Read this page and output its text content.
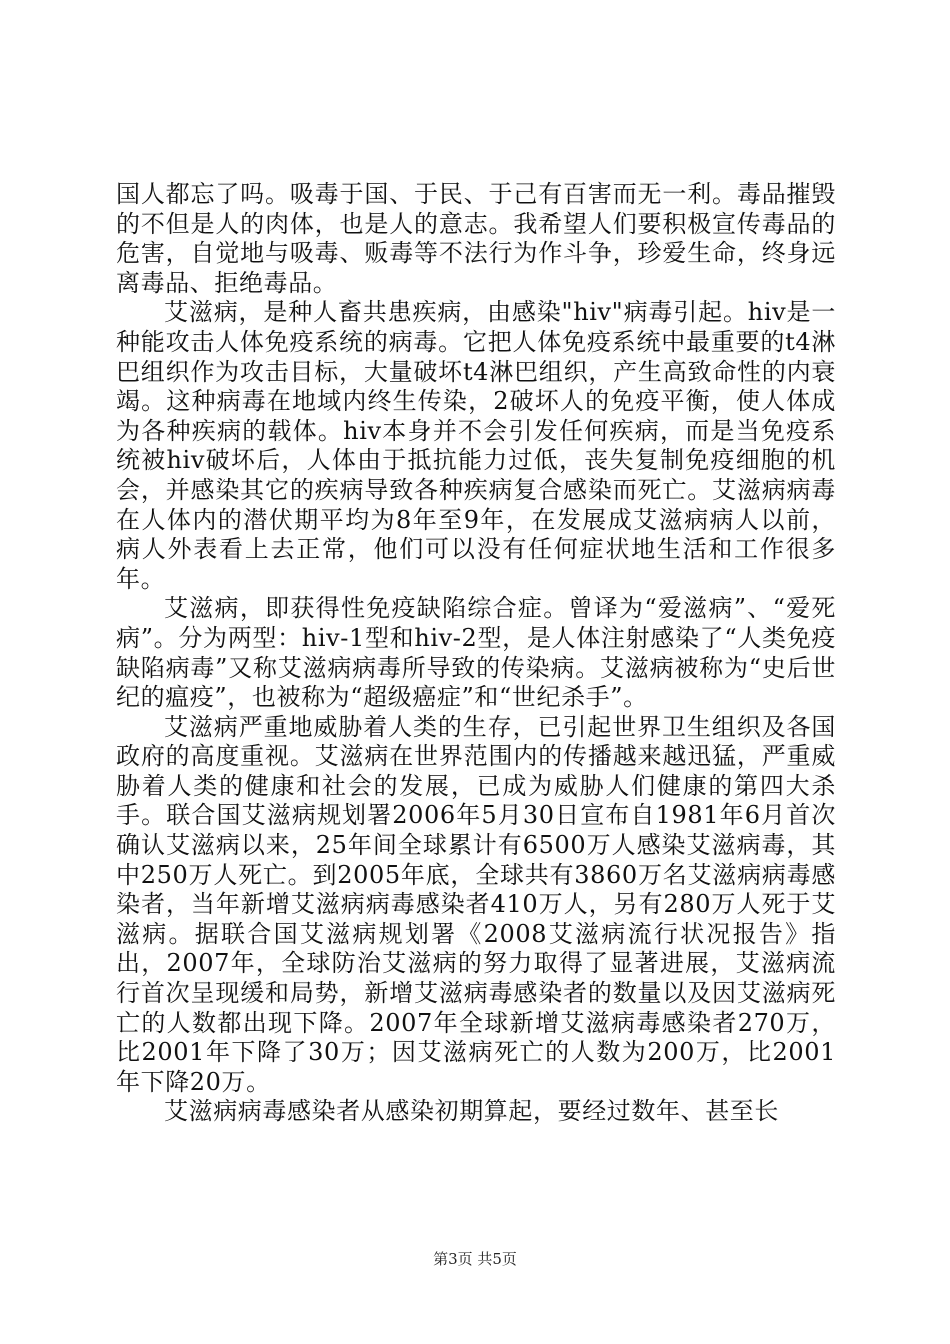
国人都忘了吗。吸毒于国、于民、于己有百害而无一利。毒品摧毁的不但是人的肉体，也是人的意志。我希望人们要积极宣传毒品的危害，自觉地与吸毒、贩毒等不法行为作斗争，珍爱生命，终身远离毒品、拒绝毒品。

艾滋病，是种人畜共患疾病，由感染"hiv"病毒引起。hiv是一种能攻击人体免疫系统的病毒。它把人体免疫系统中最重要的t4淋巴组织作为攻击目标，大量破坏t4淋巴组织，产生高致命性的内衰竭。这种病毒在地域内终生传染，2破坏人的免疫平衡，使人体成为各种疾病的载体。hiv本身并不会引发任何疾病，而是当免疫系统被hiv破坏后，人体由于抵抗能力过低，丧失复制免疫细胞的机会，并感染其它的疾病导致各种疾病复合感染而死亡。艾滋病病毒在人体内的潜伏期平均为8年至9年，在发展成艾滋病病人以前，病人外表看上去正常，他们可以没有任何症状地生活和工作很多年。

艾滋病，即获得性免疫缺陷综合症。曾译为“爱滋病”、“爱死病”。分为两型：hiv-1型和hiv-2型，是人体注射感染了“人类免疫缺陷病毒”又称艾滋病病毒所导致的传染病。艾滋病被称为“史后世纪的瘟疫”，也被称为“超级癌症”和“世纪杀手”。

艾滋病严重地威胁着人类的生存，已引起世界卫生组织及各国政府的高度重视。艾滋病在世界范围内的传播越来越迅猛，严重威胁着人类的健康和社会的发展，已成为威胁人们健康的第四大杀手。联合国艾滋病规划署2006年5月30日宣布自1981年6月首次确认艾滋病以来，25年间全球累计有6500万人感染艾滋病毒，其中250万人死亡。到2005年底，全球共有3860万名艾滋病病毒感染者，当年新增艾滋病病毒感染者410万人，另有280万人死于艾滋病。据联合国艾滋病规划署《2008艾滋病流行状况报告》指出，2007年，全球防治艾滋病的努力取得了显著进展，艾滋病流行首次呈现缓和局势，新增艾滋病毒感染者的数量以及因艾滋病死亡的人数都出现下降。2007年全球新增艾滋病毒感染者270万，比2001年下降了30万；因艾滋病死亡的人数为200万，比2001年下降20万。

艾滋病病毒感染者从感染初期算起，要经过数年、甚至长

第3页 共5页
